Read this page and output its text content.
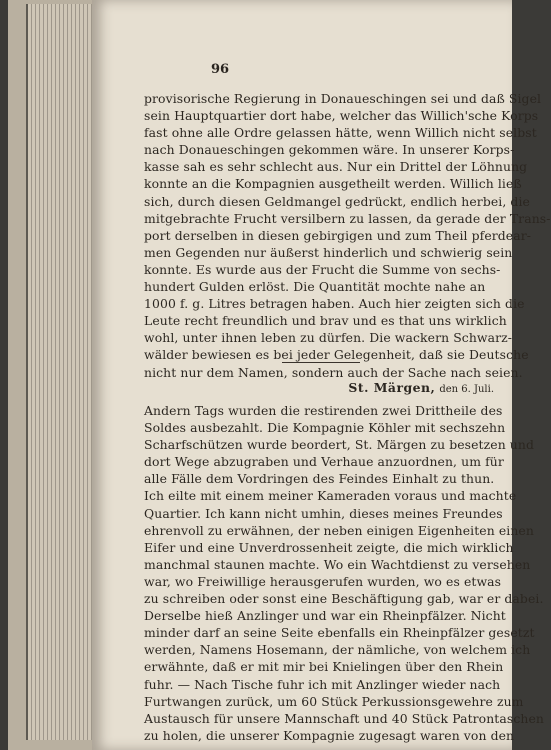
96
provisorische Regierung in Donaueschingen sei und daß Sigel
sein Hauptquartier dort habe, welcher das Willich'sche Korps
fast ohne alle Ordre gelassen hätte, wenn Willich nicht selbst
nach Donaueschingen gekommen wäre. In unserer Korps-
kasse sah es sehr schlecht aus. Nur ein Drittel der Löhnung
konnte an die Kompagnien ausgetheilt werden. Willich ließ
sich, durch diesen Geldmangel gedrückt, endlich herbei, die
mitgebrachte Frucht versilbern zu lassen, da gerade der Trans-
port derselben in diesen gebirgigen und zum Theil pferdear-
men Gegenden nur äußerst hinderlich und schwierig sein
konnte. Es wurde aus der Frucht die Summe von sechs-
hundert Gulden erlöst. Die Quantität mochte nahe an
1000 f. g. Litres betragen haben. Auch hier zeigten sich die
Leute recht freundlich und brav und es that uns wirklich
wohl, unter ihnen leben zu dürfen. Die wackern Schwarz-
wälder bewiesen es bei jeder Gelegenheit, daß sie Deutsche
nicht nur dem Namen, sondern auch der Sache nach seien.
St. Märgen, den 6. Juli.
Andern Tags wurden die restirenden zwei Drittheile des
Soldes ausbezahlt. Die Kompagnie Köhler mit sechszehn
Scharfschützen wurde beordert, St. Märgen zu besetzen und
dort Wege abzugraben und Verhaue anzuordnen, um für
alle Fälle dem Vordringen des Feindes Einhalt zu thun.
Ich eilte mit einem meiner Kameraden voraus und machte
Quartier. Ich kann nicht umhin, dieses meines Freundes
ehrenvoll zu erwähnen, der neben einigen Eigenheiten einen
Eifer und eine Unverdrossenheit zeigte, die mich wirklich
manchmal staunen machte. Wo ein Wachtdienst zu versehen
war, wo Freiwillige herausgerufen wurden, wo es etwas
zu schreiben oder sonst eine Beschäftigung gab, war er dabei.
Derselbe hieß Anzlinger und war ein Rheinpfälzer. Nicht
minder darf an seine Seite ebenfalls ein Rheinpfälzer gesetzt
werden, Namens Hosemann, der nämliche, von welchem ich
erwähnte, daß er mit mir bei Knielingen über den Rhein
fuhr. — Nach Tische fuhr ich mit Anzlinger wieder nach
Furtwangen zurück, um 60 Stück Perkussionsgewehre zum
Austausch für unsere Mannschaft und 40 Stück Patrontaschen
zu holen, die unserer Kompagnie zugesagt waren von den
